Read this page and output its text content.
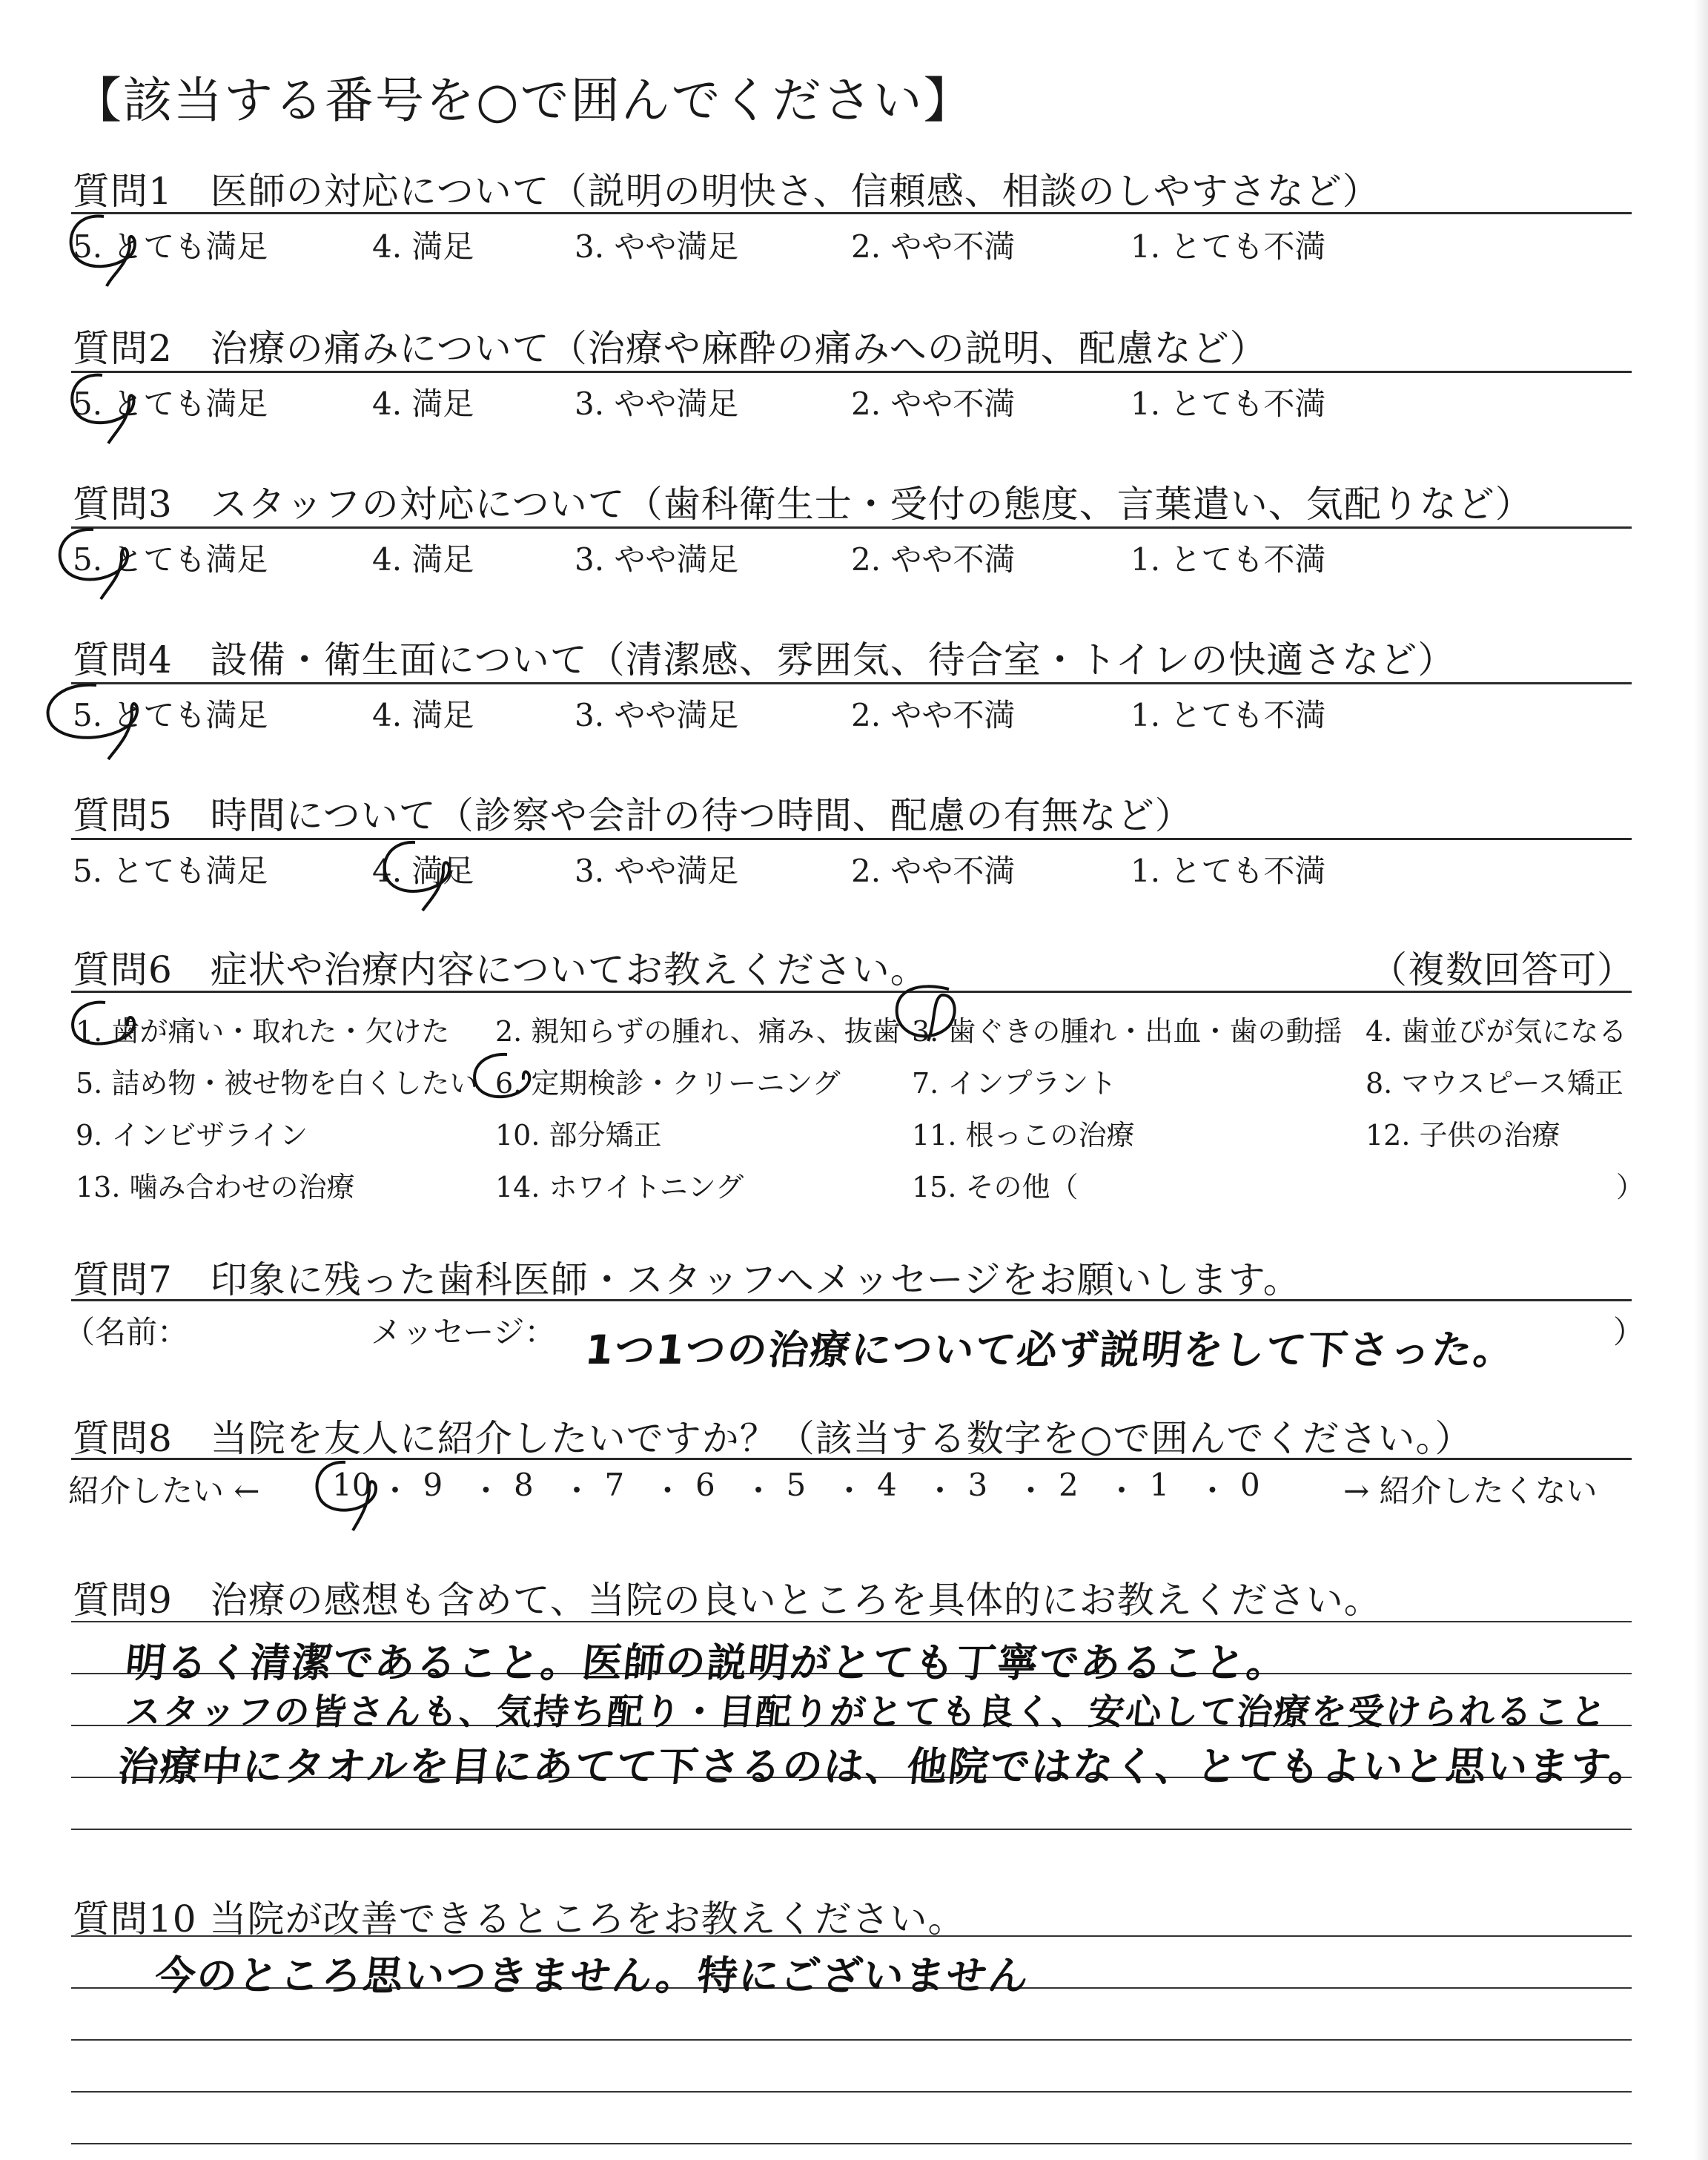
【該当する番号を○で囲んでください】
質問1　医師の対応について（説明の明快さ、信頼感、相談のしやすさなど）
5. とても満足	4. 満足	3. やや満足	2. やや不満	1. とても不満
質問2　治療の痛みについて（治療や麻酔の痛みへの説明、配慮など）
5. とても満足	4. 満足	3. やや満足	2. やや不満	1. とても不満
質問3　スタッフの対応について（歯科衛生士・受付の態度、言葉遣い、気配りなど）
5. とても満足	4. 満足	3. やや満足	2. やや不満	1. とても不満
質問4　設備・衛生面について（清潔感、雰囲気、待合室・トイレの快適さなど）
5. とても満足	4. 満足	3. やや満足	2. やや不満	1. とても不満
質問5　時間について（診察や会計の待つ時間、配慮の有無など）
5. とても満足	4. 満足	3. やや満足	2. やや不満	1. とても不満
質問6　症状や治療内容についてお教えください。	（複数回答可）
1. 歯が痛い・取れた・欠けた 2. 親知らずの腫れ、痛み、抜歯 3. 歯ぐきの腫れ・出血・歯の動揺 4. 歯並びが気になる
5. 詰め物・被せ物を白くしたい 6. 定期検診・クリーニング	7. インプラント	8. マウスピース矯正
9. インビザライン	10. 部分矯正	11. 根っこの治療	12. 子供の治療
13. 噛み合わせの治療	14. ホワイトニング	15. その他（	）
質問7　印象に残った歯科医師・スタッフへメッセージをお願いします。
（名前：	メッセージ： 1つ1つの治療について必ず説明をして下さった。	）
質問8　当院を友人に紹介したいですか？（該当する数字を○で囲んでください。）
紹介したい ← 10 ・ 9 ・ 8 ・ 7 ・ 6 ・ 5 ・ 4 ・ 3 ・ 2 ・ 1 ・ 0	→ 紹介したくない
質問9　治療の感想も含めて、当院の良いところを具体的にお教えください。
明るく清潔であること。医師の説明がとても丁寧であること。
スタッフの皆さんも、気持ち配り・目配りがとても良く、安心して治療を受けられること
治療中にタオルを目にあてて下さるのは、他院ではなく、とてもよいと思います。
質問10 当院が改善できるところをお教えください。
今のところ思いつきません。特にございません
